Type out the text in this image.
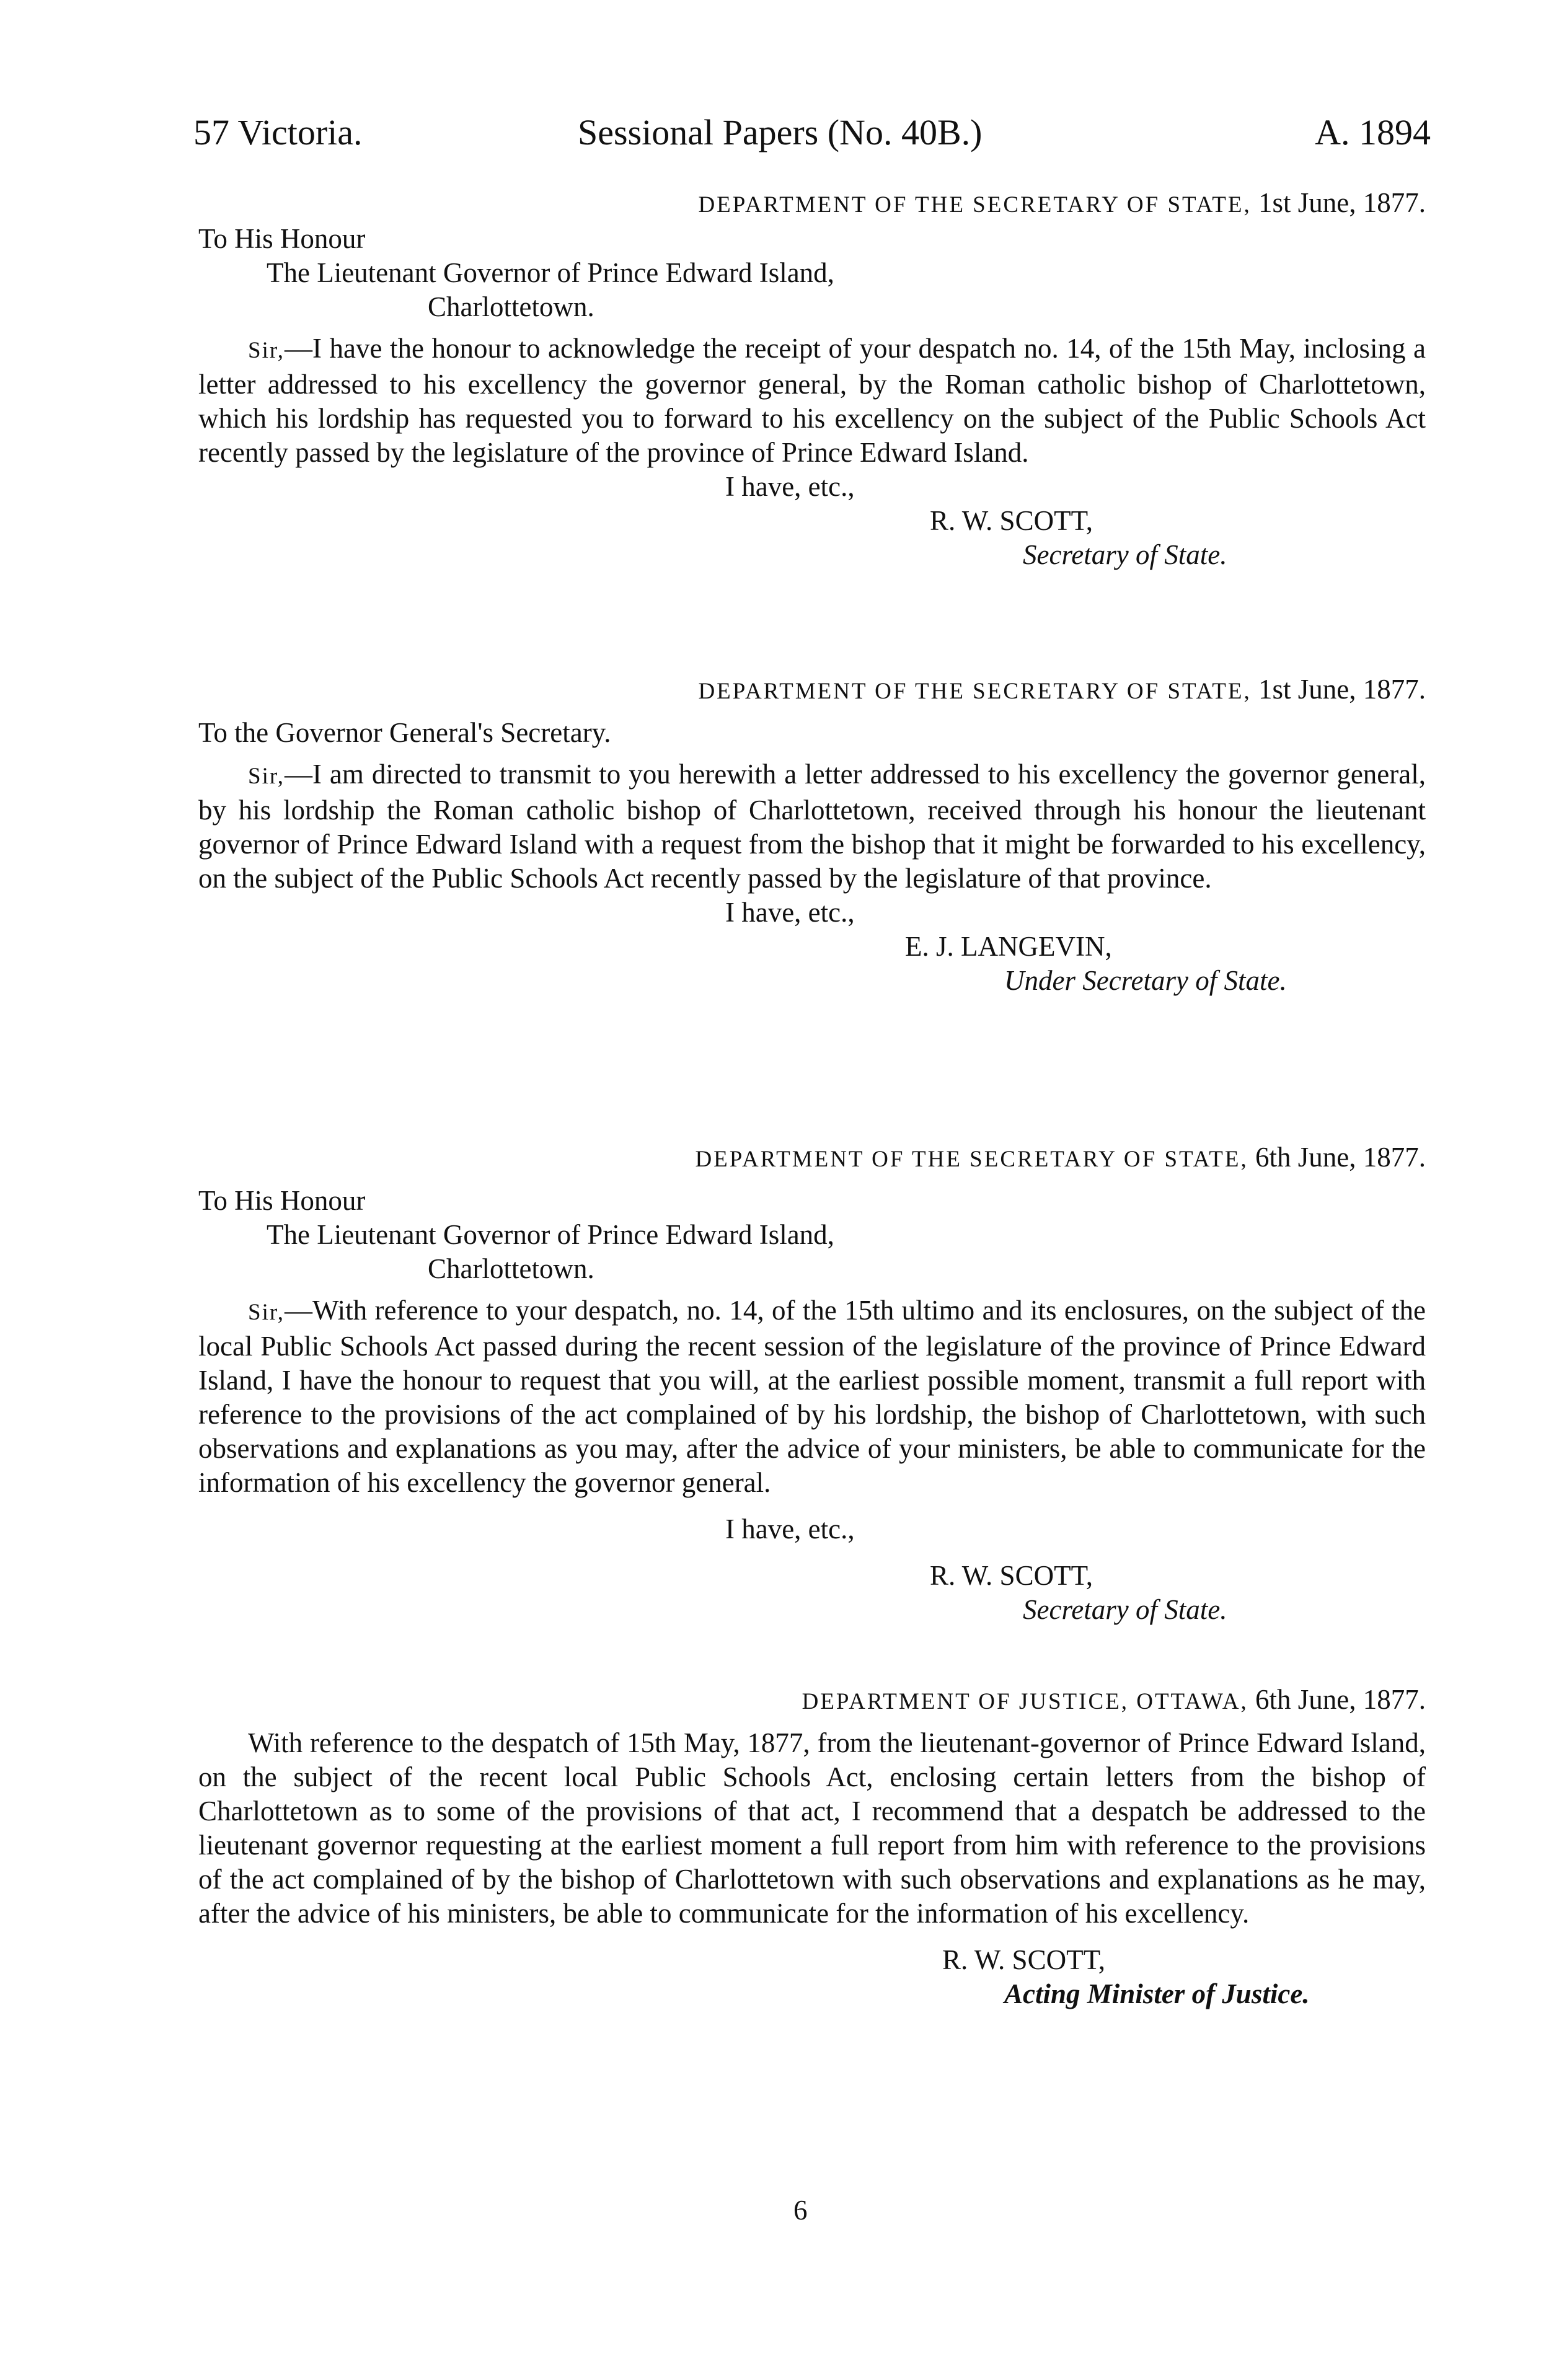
57 Victoria.	Sessional Papers (No. 40B.)	A. 1894
DEPARTMENT OF THE SECRETARY OF STATE, 1st June, 1877.
To His Honour
The Lieutenant Governor of Prince Edward Island,
Charlottetown.

Sir,—I have the honour to acknowledge the receipt of your despatch no. 14, of the 15th May, inclosing a letter addressed to his excellency the governor general, by the Roman catholic bishop of Charlottetown, which his lordship has requested you to forward to his excellency on the subject of the Public Schools Act recently passed by the legislature of the province of Prince Edward Island.

I have, etc.,
R. W. SCOTT,
Secretary of State.
DEPARTMENT OF THE SECRETARY OF STATE, 1st June, 1877.
To the Governor General's Secretary.

Sir,—I am directed to transmit to you herewith a letter addressed to his excellency the governor general, by his lordship the Roman catholic bishop of Charlottetown, received through his honour the lieutenant governor of Prince Edward Island with a request from the bishop that it might be forwarded to his excellency, on the subject of the Public Schools Act recently passed by the legislature of that province.

I have, etc.,
E. J. LANGEVIN,
Under Secretary of State.
DEPARTMENT OF THE SECRETARY OF STATE, 6th June, 1877.
To His Honour
The Lieutenant Governor of Prince Edward Island,
Charlottetown.

Sir,—With reference to your despatch, no. 14, of the 15th ultimo and its enclosures, on the subject of the local Public Schools Act passed during the recent session of the legislature of the province of Prince Edward Island, I have the honour to request that you will, at the earliest possible moment, transmit a full report with reference to the provisions of the act complained of by his lordship, the bishop of Charlottetown, with such observations and explanations as you may, after the advice of your ministers, be able to communicate for the information of his excellency the governor general.

I have, etc.,
R. W. SCOTT,
Secretary of State.
DEPARTMENT OF JUSTICE, OTTAWA, 6th June, 1877.

With reference to the despatch of 15th May, 1877, from the lieutenant-governor of Prince Edward Island, on the subject of the recent local Public Schools Act, enclosing certain letters from the bishop of Charlottetown as to some of the provisions of that act, I recommend that a despatch be addressed to the lieutenant governor requesting at the earliest moment a full report from him with reference to the provisions of the act complained of by the bishop of Charlottetown with such observations and explanations as he may, after the advice of his ministers, be able to communicate for the information of his excellency.

R. W. SCOTT,
Acting Minister of Justice.
6
